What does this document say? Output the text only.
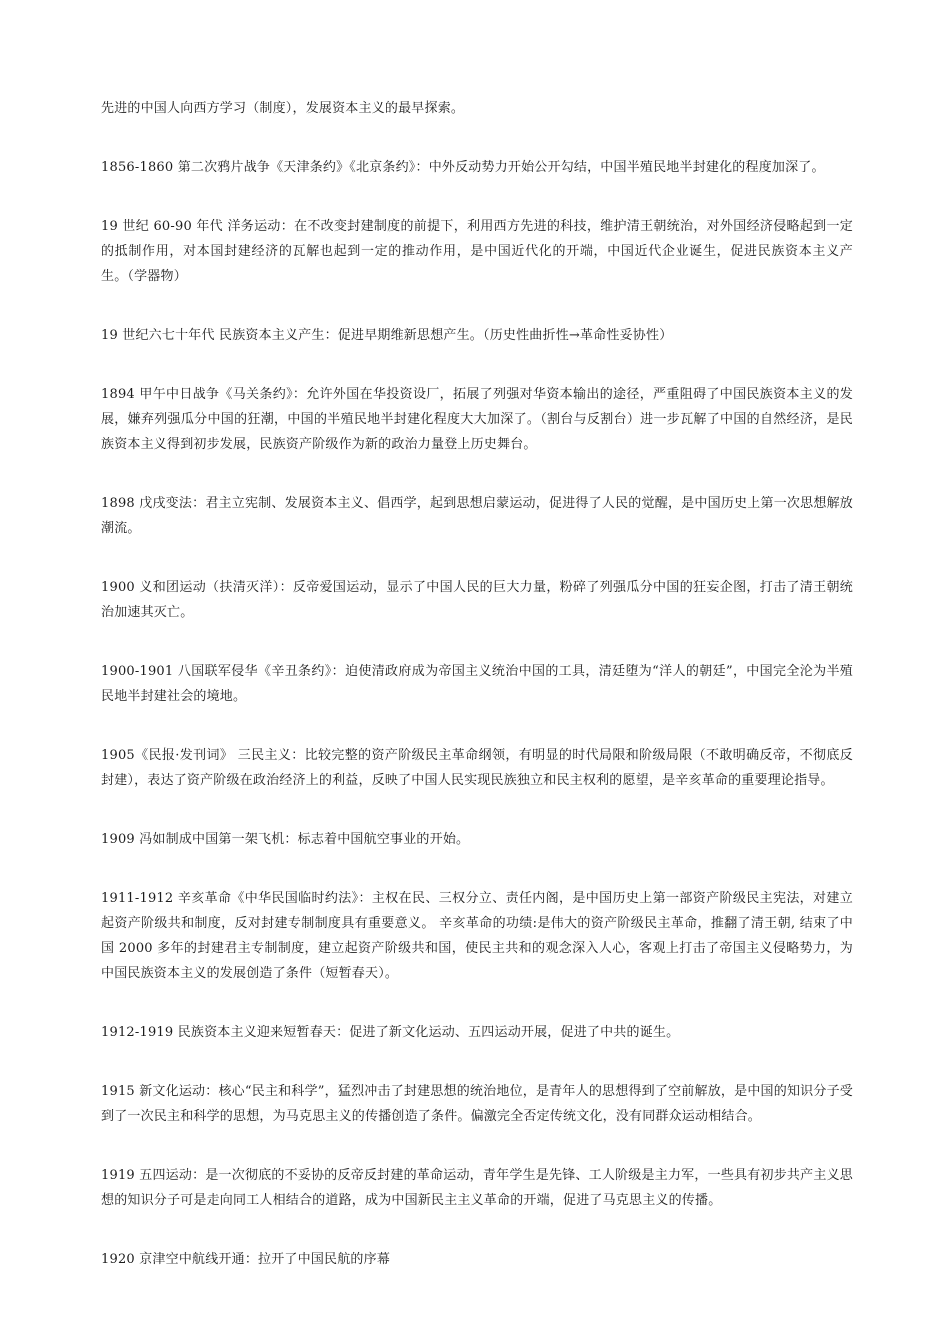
先进的中国人向西方学习（制度），发展资本主义的最早探索。

1856-1860 第二次鸦片战争《天津条约》《北京条约》：中外反动势力开始公开勾结，中国半殖民地半封建化的程度加深了。

19 世纪 60-90 年代 洋务运动：在不改变封建制度的前提下，利用西方先进的科技，维护清王朝统治，对外国经济侵略起到一定的抵制作用，对本国封建经济的瓦解也起到一定的推动作用，是中国近代化的开端，中国近代企业诞生，促进民族资本主义产生。（学器物）

19 世纪六七十年代 民族资本主义产生：促进早期维新思想产生。（历史性曲折性→革命性妥协性）

1894 甲午中日战争《马关条约》：允许外国在华投资设厂，拓展了列强对华资本输出的途径，严重阻碍了中国民族资本主义的发展，嫌弃列强瓜分中国的狂潮，中国的半殖民地半封建化程度大大加深了。（割台与反割台）进一步瓦解了中国的自然经济，是民族资本主义得到初步发展，民族资产阶级作为新的政治力量登上历史舞台。

1898 戊戌变法：君主立宪制、发展资本主义、倡西学，起到思想启蒙运动，促进得了人民的觉醒，是中国历史上第一次思想解放潮流。

1900 义和团运动（扶清灭洋）：反帝爱国运动，显示了中国人民的巨大力量，粉碎了列强瓜分中国的狂妄企图，打击了清王朝统治加速其灭亡。

1900-1901 八国联军侵华《辛丑条约》：迫使清政府成为帝国主义统治中国的工具，清廷堕为“洋人的朝廷”，中国完全沦为半殖民地半封建社会的境地。

1905《民报·发刊词》 三民主义：比较完整的资产阶级民主革命纲领，有明显的时代局限和阶级局限（不敢明确反帝，不彻底反封建），表达了资产阶级在政治经济上的利益，反映了中国人民实现民族独立和民主权利的愿望，是辛亥革命的重要理论指导。

1909 冯如制成中国第一架飞机：标志着中国航空事业的开始。

1911-1912 辛亥革命《中华民国临时约法》：主权在民、三权分立、责任内阁，是中国历史上第一部资产阶级民主宪法，对建立起资产阶级共和制度，反对封建专制制度具有重要意义。 辛亥革命的功绩:是伟大的资产阶级民主革命，推翻了清王朝, 结束了中国 2000 多年的封建君主专制制度，建立起资产阶级共和国，使民主共和的观念深入人心，客观上打击了帝国主义侵略势力，为中国民族资本主义的发展创造了条件（短暂春天）。

1912-1919 民族资本主义迎来短暂春天：促进了新文化运动、五四运动开展，促进了中共的诞生。

1915 新文化运动：核心“民主和科学”，猛烈冲击了封建思想的统治地位，是青年人的思想得到了空前解放，是中国的知识分子受到了一次民主和科学的思想，为马克思主义的传播创造了条件。偏激完全否定传统文化，没有同群众运动相结合。

1919 五四运动：是一次彻底的不妥协的反帝反封建的革命运动，青年学生是先锋、工人阶级是主力军，一些具有初步共产主义思想的知识分子可是走向同工人相结合的道路，成为中国新民主主义革命的开端，促进了马克思主义的传播。

1920 京津空中航线开通：拉开了中国民航的序幕
